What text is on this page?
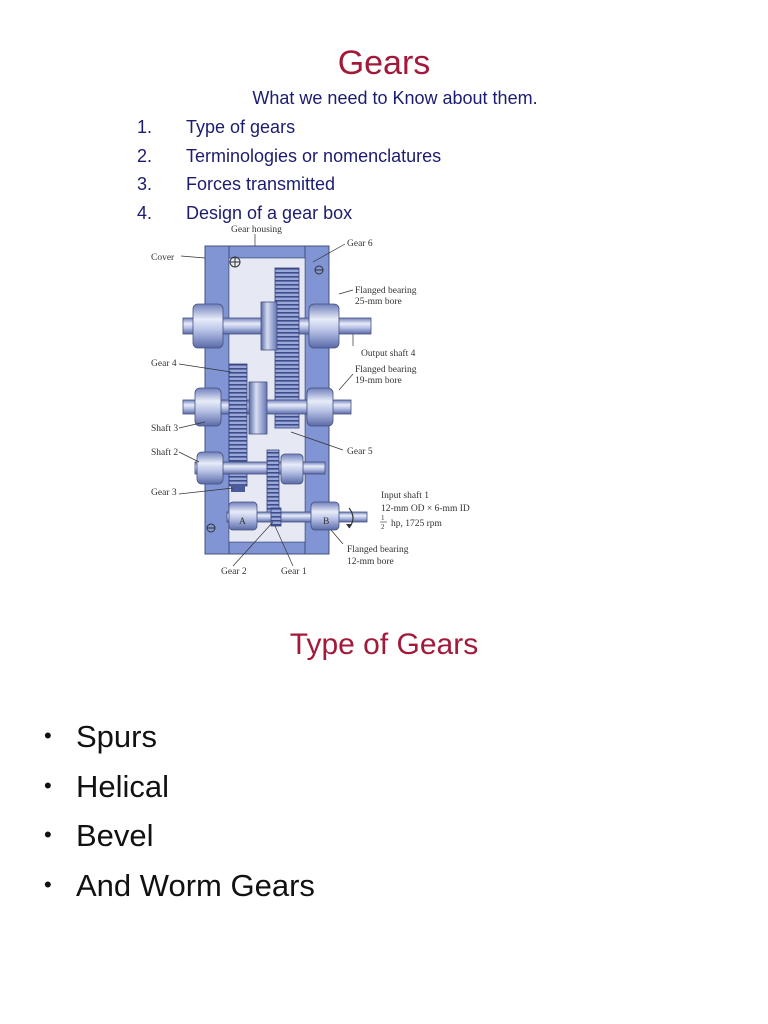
Gears
What we need to Know about them.
1. Type of gears
2. Terminologies or nomenclatures
3. Forces transmitted
4. Design of a gear box
A	B
Gear housing
Cover
Gear 6
Flanged bearing
25-mm bore
Output shaft 4
Gear 4
Flanged bearing
19-mm bore
Shaft 3
Gear 5
Shaft 2
Gear 3	Input shaft 1
12-mm OD × 6-mm ID
1
2 hp, 1725 rpm
Flanged bearing
12-mm bore
Gear 2	Gear 1
Type of Gears
• Spurs
• Helical
• Bevel
• And Worm Gears
